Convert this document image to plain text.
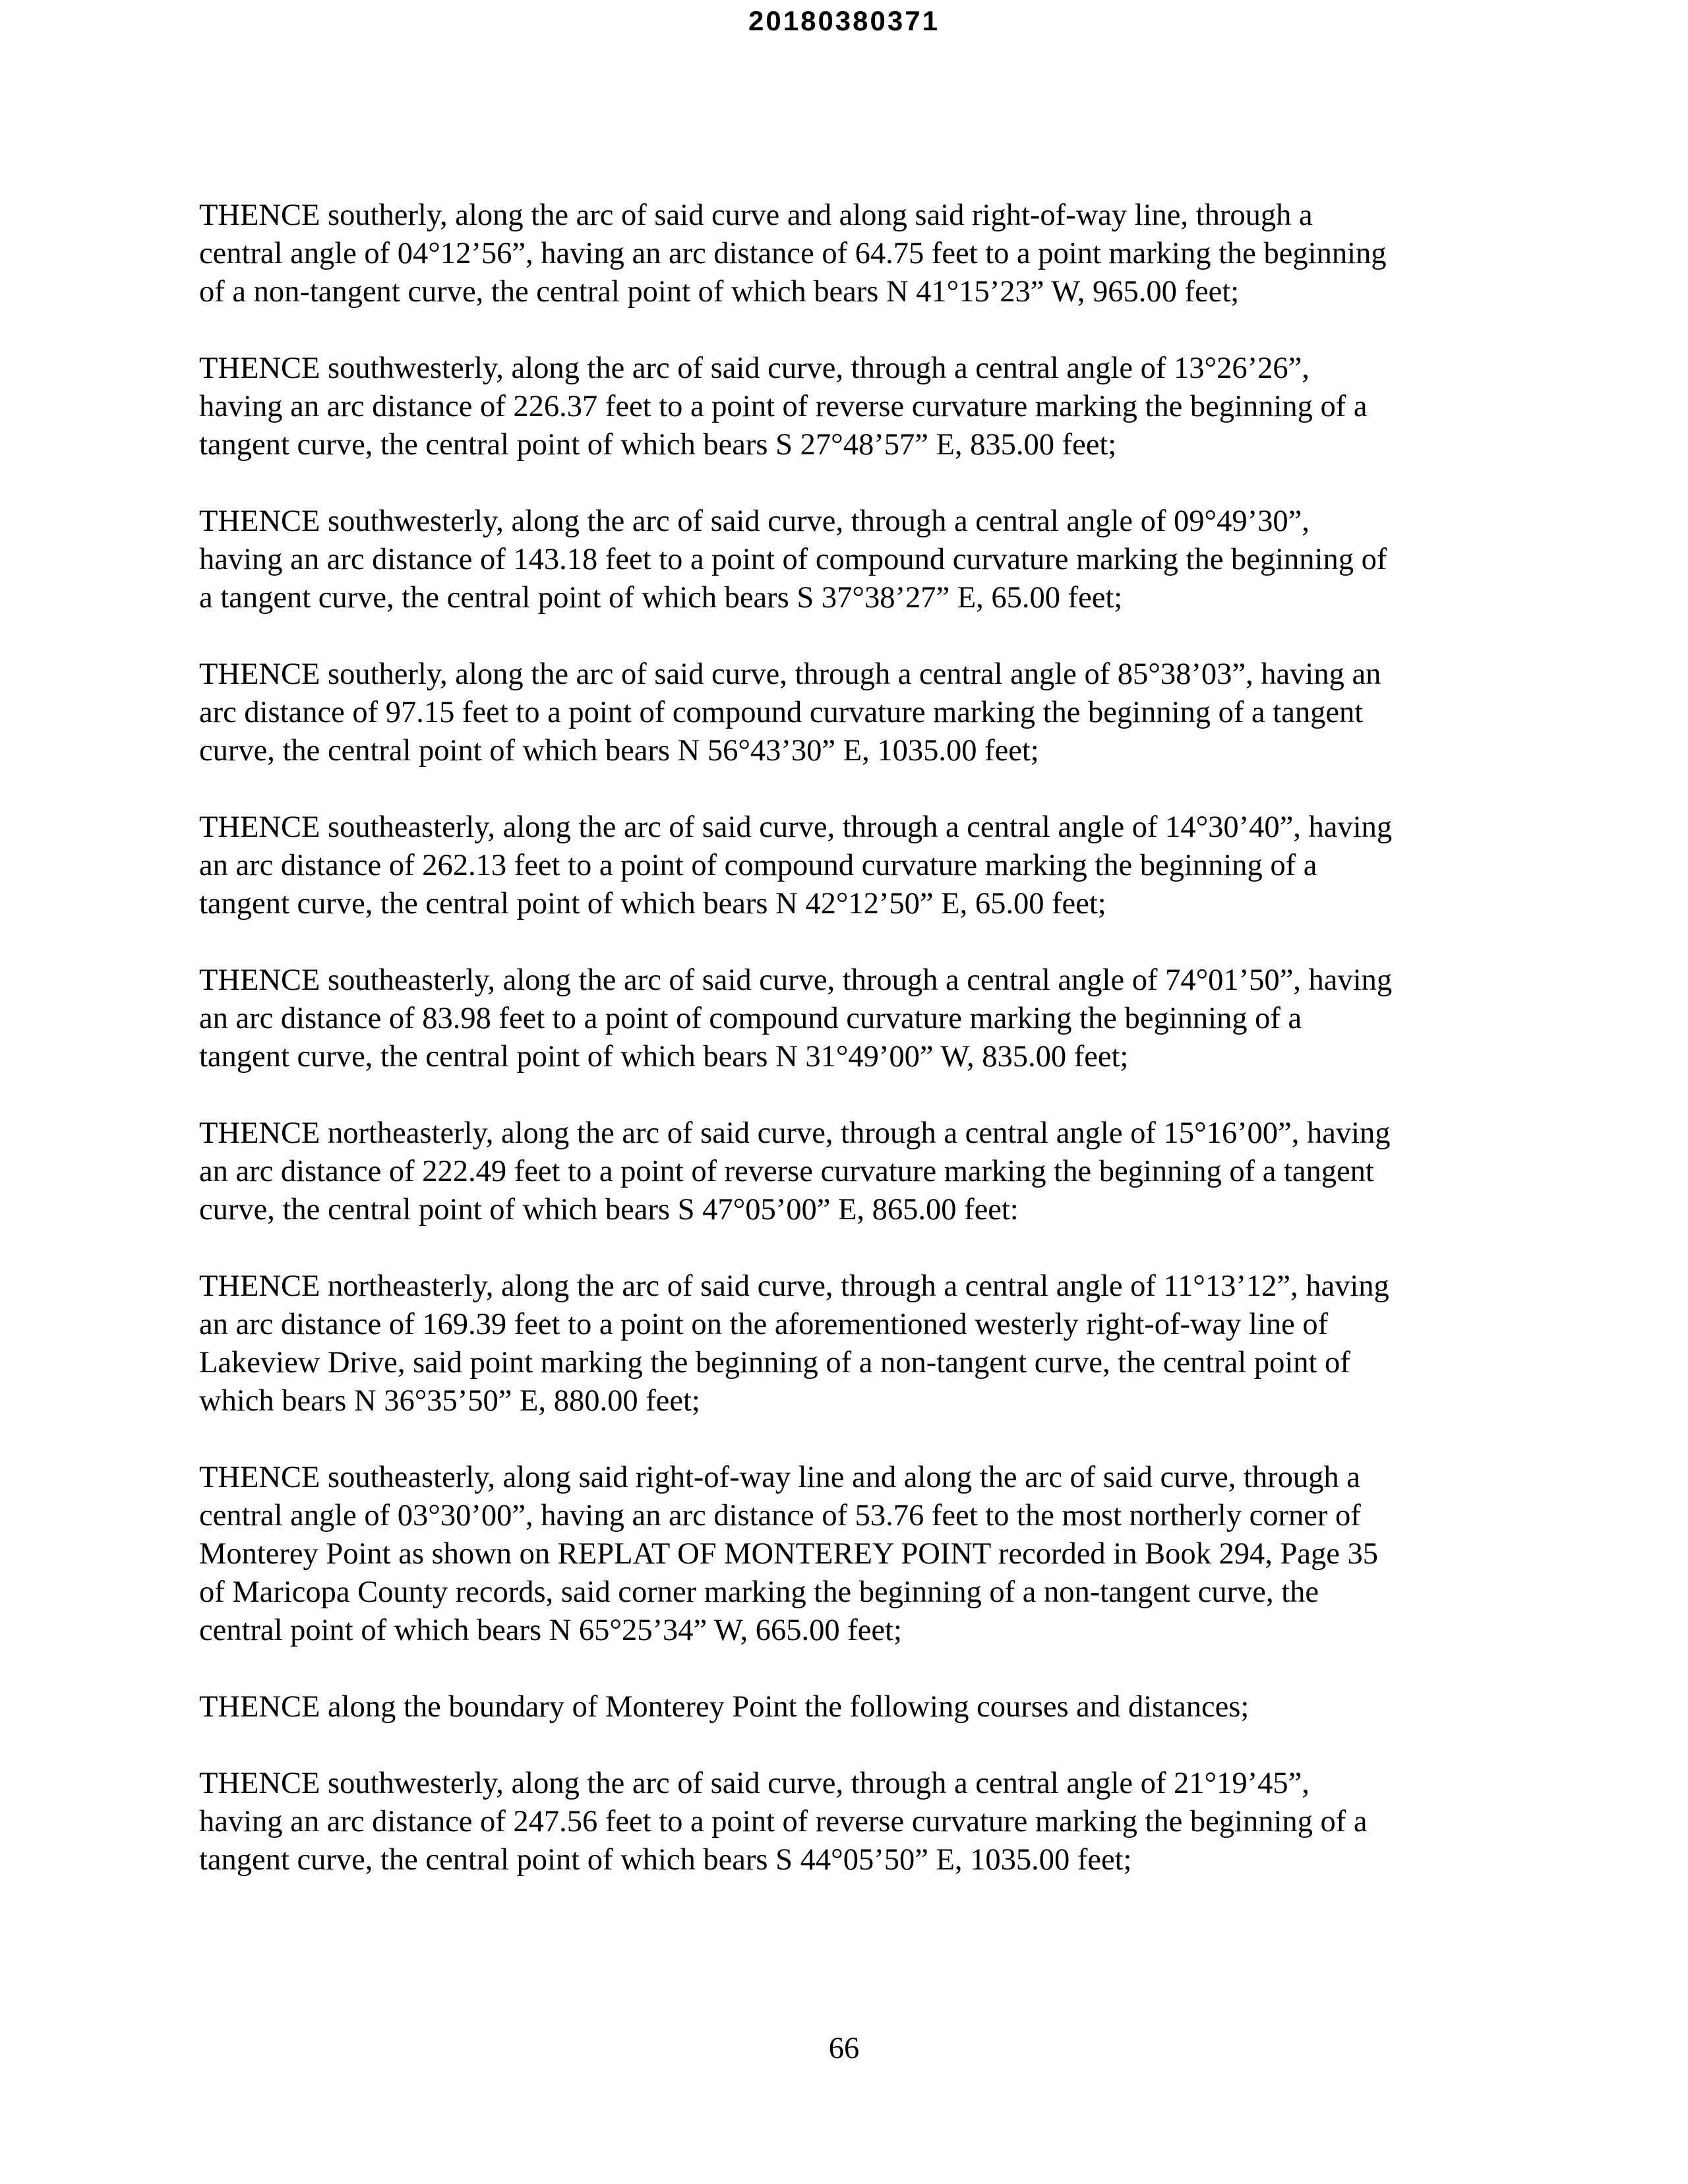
20180380371

THENCE southerly, along the arc of said curve and along said right-of-way line, through a
central angle of 04°12’56”, having an arc distance of 64.75 feet to a point marking the beginning
of a non-tangent curve, the central point of which bears N 41°15’23” W, 965.00 feet;

THENCE southwesterly, along the arc of said curve, through a central angle of 13°26’26”,
having an arc distance of 226.37 feet to a point of reverse curvature marking the beginning of a
tangent curve, the central point of which bears S 27°48’57” E, 835.00 feet;

THENCE southwesterly, along the arc of said curve, through a central angle of 09°49’30”,
having an arc distance of 143.18 feet to a point of compound curvature marking the beginning of
a tangent curve, the central point of which bears S 37°38’27” E, 65.00 feet;

THENCE southerly, along the arc of said curve, through a central angle of 85°38’03”, having an
arc distance of 97.15 feet to a point of compound curvature marking the beginning of a tangent
curve, the central point of which bears N 56°43’30” E, 1035.00 feet;

THENCE southeasterly, along the arc of said curve, through a central angle of 14°30’40”, having
an arc distance of 262.13 feet to a point of compound curvature marking the beginning of a
tangent curve, the central point of which bears N 42°12’50” E, 65.00 feet;

THENCE southeasterly, along the arc of said curve, through a central angle of 74°01’50”, having
an arc distance of 83.98 feet to a point of compound curvature marking the beginning of a
tangent curve, the central point of which bears N 31°49’00” W, 835.00 feet;

THENCE northeasterly, along the arc of said curve, through a central angle of 15°16’00”, having
an arc distance of 222.49 feet to a point of reverse curvature marking the beginning of a tangent
curve, the central point of which bears S 47°05’00” E, 865.00 feet:

THENCE northeasterly, along the arc of said curve, through a central angle of 11°13’12”, having
an arc distance of 169.39 feet to a point on the aforementioned westerly right-of-way line of
Lakeview Drive, said point marking the beginning of a non-tangent curve, the central point of
which bears N 36°35’50” E, 880.00 feet;

THENCE southeasterly, along said right-of-way line and along the arc of said curve, through a
central angle of 03°30’00”, having an arc distance of 53.76 feet to the most northerly corner of
Monterey Point as shown on REPLAT OF MONTEREY POINT recorded in Book 294, Page 35
of Maricopa County records, said corner marking the beginning of a non-tangent curve, the
central point of which bears N 65°25’34” W, 665.00 feet;

THENCE along the boundary of Monterey Point the following courses and distances;

THENCE southwesterly, along the arc of said curve, through a central angle of 21°19’45”,
having an arc distance of 247.56 feet to a point of reverse curvature marking the beginning of a
tangent curve, the central point of which bears S 44°05’50” E, 1035.00 feet;

66
